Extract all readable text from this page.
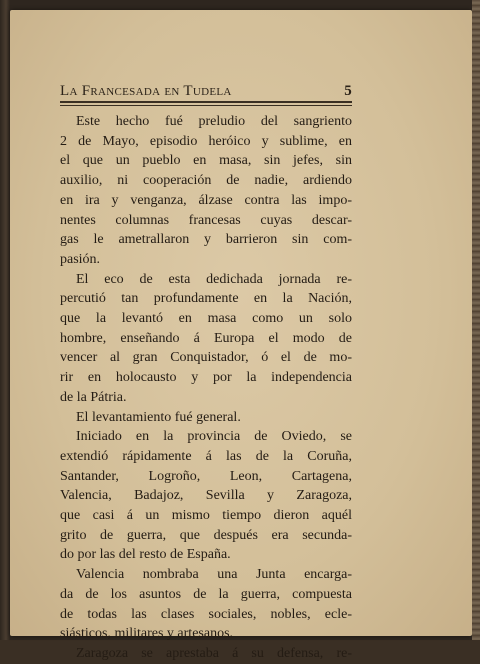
La Francesada en Tudela	5
Este hecho fué preludio del sangriento
2 de Mayo, episodio heróico y sublime, en
el que un pueblo en masa, sin jefes, sin
auxilio, ni cooperación de nadie, ardiendo
en ira y venganza, álzase contra las impo-
nentes columnas francesas cuyas descar-
gas le ametrallaron y barrieron sin com-
pasión.
El eco de esta dedichada jornada re-
percutió tan profundamente en la Nación,
que la levantó en masa como un solo
hombre, enseñando á Europa el modo de
vencer al gran Conquistador, ó el de mo-
rir en holocausto y por la independencia
de la Pátria.
El levantamiento fué general.
Iniciado en la provincia de Oviedo, se
extendió rápidamente á las de la Coruña,
Santander, Logroño, Leon, Cartagena,
Valencia, Badajoz, Sevilla y Zaragoza,
que casi á un mismo tiempo dieron aquél
grito de guerra, que después era secunda-
do por las del resto de España.
Valencia nombraba una Junta encarga-
da de los asuntos de la guerra, compuesta
de todas las clases sociales, nobles, ecle-
siásticos, militares y artesanos.
Zaragoza se aprestaba á su defensa, re-
